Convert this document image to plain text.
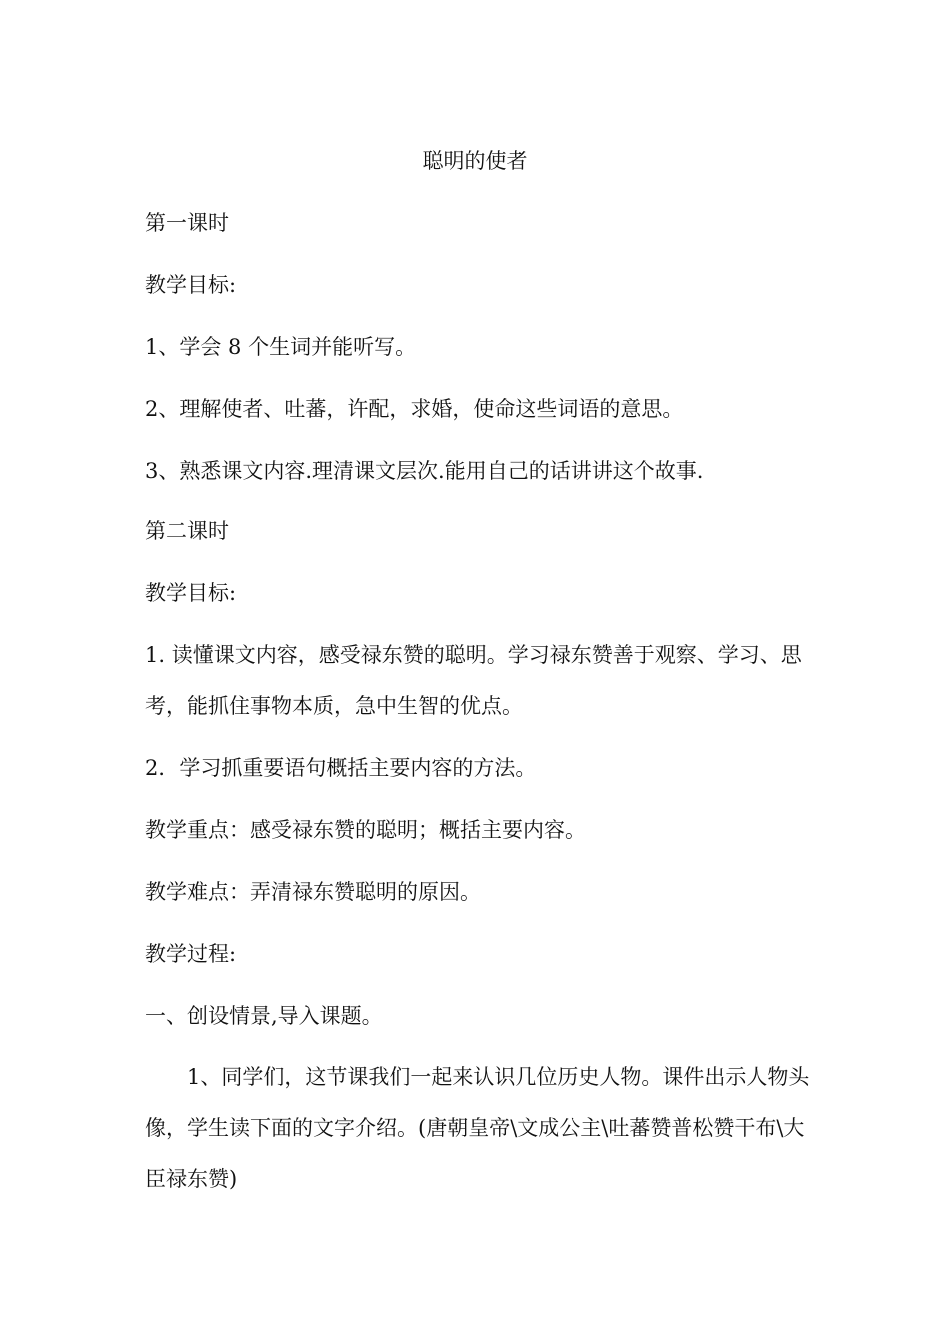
聪明的使者
第一课时
教学目标:
1、学会 8 个生词并能听写。
2、理解使者、吐蕃，许配，求婚，使命这些词语的意思。
3、熟悉课文内容.理清课文层次.能用自己的话讲讲这个故事.
第二课时
教学目标:
1. 读懂课文内容，感受禄东赞的聪明。学习禄东赞善于观察、学习、思考，能抓住事物本质，急中生智的优点。
2．学习抓重要语句概括主要内容的方法。
教学重点：感受禄东赞的聪明；概括主要内容。
教学难点：弄清禄东赞聪明的原因。
教学过程:
一、创设情景,导入课题。
　　1、同学们，这节课我们一起来认识几位历史人物。课件出示人物头像，学生读下面的文字介绍。(唐朝皇帝\文成公主\吐蕃赞普松赞干布\大臣禄东赞)
